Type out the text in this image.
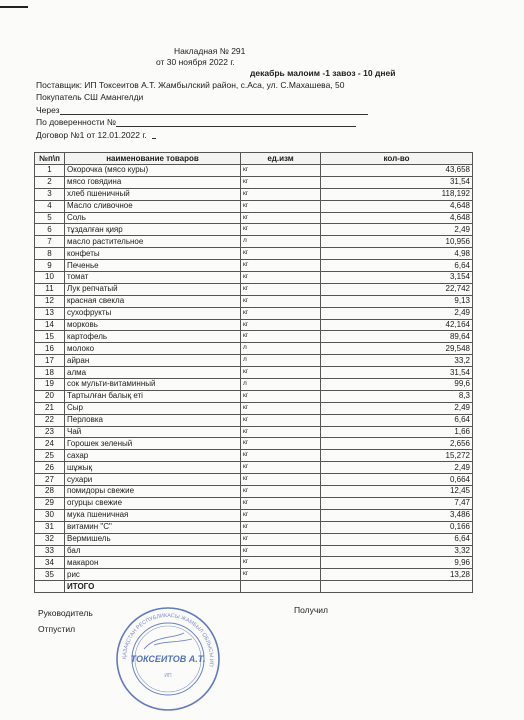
Накладная № 291
от 30 ноября 2022 г.
декабрь малоим -1 завоз - 10 дней
Поставщик: ИП Токсеитов А.Т. Жамбылский район, с.Аса, ул. С.Махашева, 50
Покупатель СШ Амангелди
Через
По доверенности №
Договор №1 от 12.01.2022 г.
№п\п	наименование товаров	ед.изм	кол-во
1	Окорочка (мясо куры)	кг	43,658
2	мясо говядина	кг	31,54
3	хлеб пшеничный	кг	118,192
4	Масло сливочное	кг	4,648
5	Соль	кг	4,648
6	тұздалған қияр	кг	2,49
7	масло растительное	л	10,956
8	конфеты	кг	4,98
9	Печенье	кг	6,64
10	томат	кг	3,154
11	Лук репчатый	кг	22,742
12	красная свекла	кг	9,13
13	сухофрукты	кг	2,49
14	морковь	кг	42,164
15	картофель	кг	89,64
16	молоко	л	29,548
17	айран	л	33,2
18	алма	кг	31,54
19	сок мульти-витаминный	л	99,6
20	Тартылған балық еті	кг	8,3
21	Сыр	кг	2,49
22	Перловка	кг	6,64
23	Чай	кг	1,66
24	Горошек зеленый	кг	2,656
25	сахар	кг	15,272
26	шұжық	кг	2,49
27	сухари	кг	0,664
28	помидоры свежие	кг	12,45
29	огурцы свежие	кг	7,47
30	мука пшеничная	кг	3,486
31	витамин "С"	кг	0,166
32	Вермишель	кг	6,64
33	бал	кг	3,32
34	макарон	кг	9,96
35	рис	кг	13,28
	ИТОГО		
Руководитель
Отпустил
Получил
ҚАЗАҚСТАН РЕСПУБЛИКАСЫ ЖАМБЫЛ ОБЛЫСЫ ИП
ТОКСЕИТОВ А.Т.
ИП
